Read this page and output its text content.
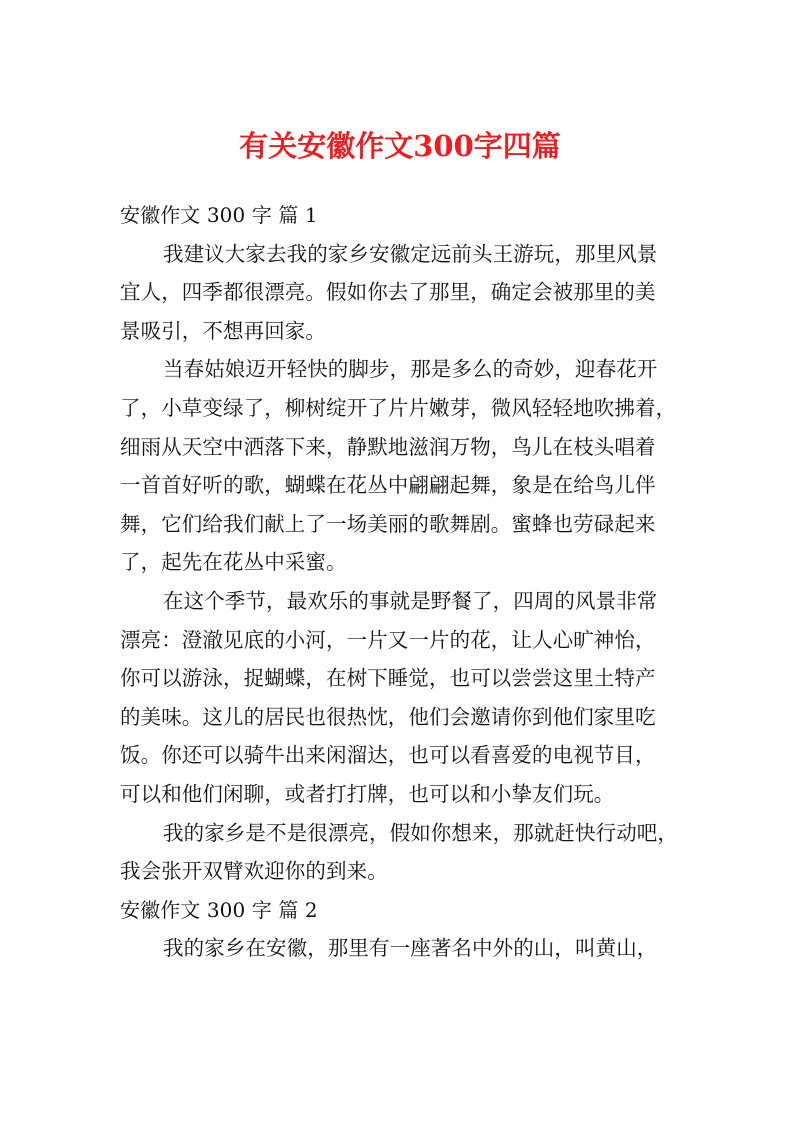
有关安徽作文300字四篇
安徽作文 300 字 篇 1
我建议大家去我的家乡安徽定远前头王游玩，那里风景
宜人，四季都很漂亮。假如你去了那里，确定会被那里的美
景吸引，不想再回家。
当春姑娘迈开轻快的脚步，那是多么的奇妙，迎春花开
了，小草变绿了，柳树绽开了片片嫩芽，微风轻轻地吹拂着，
细雨从天空中洒落下来，静默地滋润万物，鸟儿在枝头唱着
一首首好听的歌，蝴蝶在花丛中翩翩起舞，象是在给鸟儿伴
舞，它们给我们献上了一场美丽的歌舞剧。蜜蜂也劳碌起来
了，起先在花丛中采蜜。
在这个季节，最欢乐的事就是野餐了，四周的风景非常
漂亮：澄澈见底的小河，一片又一片的花，让人心旷神怡，
你可以游泳，捉蝴蝶，在树下睡觉，也可以尝尝这里土特产
的美味。这儿的居民也很热忱，他们会邀请你到他们家里吃
饭。你还可以骑牛出来闲溜达，也可以看喜爱的电视节目，
可以和他们闲聊，或者打打牌，也可以和小挚友们玩。
我的家乡是不是很漂亮，假如你想来，那就赶快行动吧，
我会张开双臂欢迎你的到来。
安徽作文 300 字 篇 2
我的家乡在安徽，那里有一座著名中外的山，叫黄山，
